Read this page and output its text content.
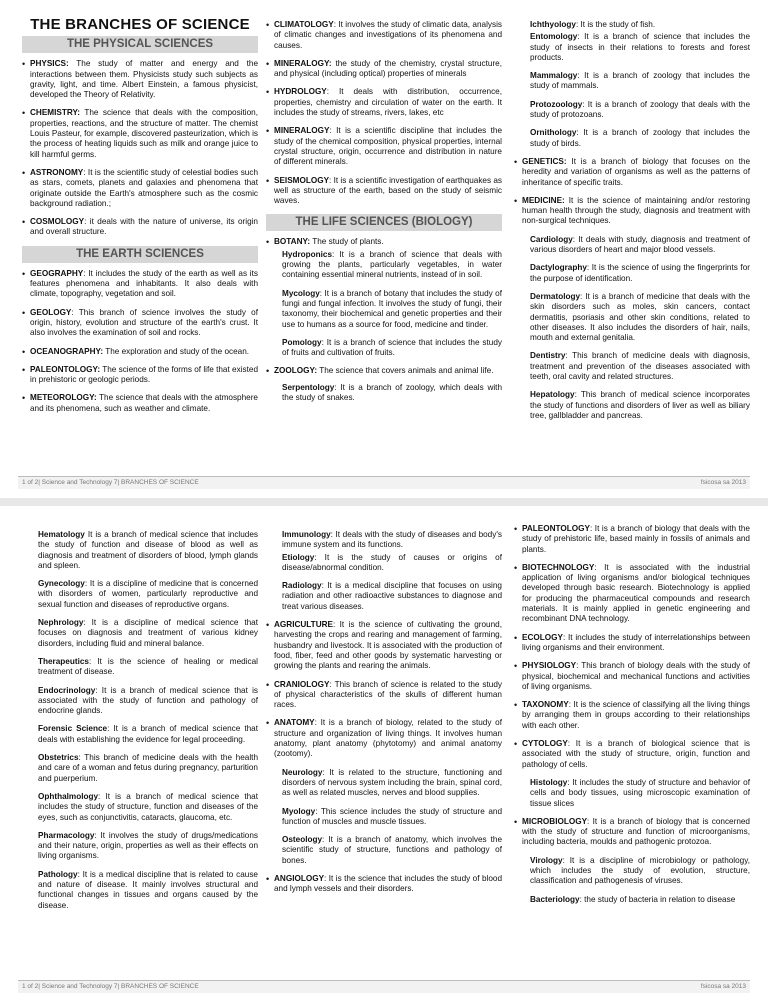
THE BRANCHES OF SCIENCE
THE PHYSICAL SCIENCES
• PHYSICS: The study of matter and energy and the interactions between them. Physicists study such subjects as gravity, light, and time. Albert Einstein, a famous physicist, developed the Theory of Relativity.
• CHEMISTRY: The science that deals with the composition, properties, reactions, and the structure of matter. The chemist Louis Pasteur, for example, discovered pasteurization, which is the process of heating liquids such as milk and orange juice to kill harmful germs.
• ASTRONOMY: It is the scientific study of celestial bodies such as stars, comets, planets and galaxies and phenomena that originate outside the Earth's atmosphere such as the cosmic background radiation.;
• COSMOLOGY: it deals with the nature of universe, its origin and overall structure.
THE EARTH SCIENCES
• GEOGRAPHY: It includes the study of the earth as well as its features phenomena and inhabitants. It also deals with climate, topography, vegetation and soil.
• GEOLOGY: This branch of science involves the study of origin, history, evolution and structure of the earth's crust. It also involves the examination of soil and rocks.
• OCEANOGRAPHY: The exploration and study of the ocean.
• PALEONTOLOGY: The science of the forms of life that existed in prehistoric or geologic periods.
• METEOROLOGY: The science that deals with the atmosphere and its phenomena, such as weather and climate.
• CLIMATOLOGY: It involves the study of climatic data, analysis of climatic changes and investigations of its phenomena and causes.
• MINERALOGY: the study of the chemistry, crystal structure, and physical (including optical) properties of minerals
• HYDROLOGY: It deals with distribution, occurrence, properties, chemistry and circulation of water on the earth. It includes the study of streams, rivers, lakes, etc
• MINERALOGY: It is a scientific discipline that includes the study of the chemical composition, physical properties, internal crystal structure, origin, occurrence and distribution in nature of different minerals.
• SEISMOLOGY: It is a scientific investigation of earthquakes as well as structure of the earth, based on the study of seismic waves.
THE LIFE SCIENCES (BIOLOGY)
• BOTANY: The study of plants.
Hydroponics: It is a branch of science that deals with growing the plants, particularly vegetables, in water containing essential mineral nutrients, instead of in soil.
Mycology: It is a branch of botany that includes the study of fungi and fungal infection. It involves the study of fungi, their taxonomy, their biochemical and genetic properties and their use to humans as a source for food, medicine and tinder.
Pomology: It is a branch of science that includes the study of fruits and cultivation of fruits.
• ZOOLOGY: The science that covers animals and animal life.
Serpentology: It is a branch of zoology, which deals with the study of snakes.
Ichthyology: It is the study of fish.
Entomology: It is a branch of science that includes the study of insects in their relations to forests and forest products.
Mammalogy: It is a branch of zoology that includes the study of mammals.
Protozoology: It is a branch of zoology that deals with the study of protozoans.
Ornithology: It is a branch of zoology that includes the study of birds.
• GENETICS: It is a branch of biology that focuses on the heredity and variation of organisms as well as the patterns of inheritance of specific traits.
• MEDICINE: It is the science of maintaining and/or restoring human health through the study, diagnosis and treatment with non-surgical techniques.
Cardiology: It deals with study, diagnosis and treatment of various disorders of heart and major blood vessels.
Dactylography: It is the science of using the fingerprints for the purpose of identification.
Dermatology: It is a branch of medicine that deals with the skin disorders such as moles, skin cancers, contact dermatitis, psoriasis and other skin conditions, related to other diseases. It also includes the disorders of hair, nails, mouth and external genitalia.
Dentistry: This branch of medicine deals with diagnosis, treatment and prevention of the diseases associated with teeth, oral cavity and related structures.
Hepatology: This branch of medical science incorporates the study of functions and disorders of liver as well as biliary tree, gallbladder and pancreas.
1 of 2| Science and Technology 7| BRANCHES OF SCIENCE	fsicosa sa 2013
Hematology It is a branch of medical science that includes the study of function and disease of blood as well as diagnosis and treatment of disorders of blood, lymph glands and spleen.
Gynecology: It is a discipline of medicine that is concerned with disorders of women, particularly reproductive and sexual function and diseases of reproductive organs.
Nephrology: It is a discipline of medical science that focuses on diagnosis and treatment of various kidney disorders, including fluid and mineral balance.
Therapeutics: It is the science of healing or medical treatment of disease.
Endocrinology: It is a branch of medical science that is associated with the study of function and pathology of endocrine glands.
Forensic Science: It is a branch of medical science that deals with establishing the evidence for legal proceeding.
Obstetrics: This branch of medicine deals with the health and care of a woman and fetus during pregnancy, parturition and puerperium.
Ophthalmology: It is a branch of medical science that includes the study of structure, function and diseases of the eyes, such as conjunctivitis, cataracts, glaucoma, etc.
Pharmacology: It involves the study of drugs/medications and their nature, origin, properties as well as their effects on living organisms.
Pathology: It is a medical discipline that is related to cause and nature of disease. It mainly involves structural and functional changes in tissues and organs caused by the disease.
Immunology: It deals with the study of diseases and body's immune system and its functions.
Etiology: It is the study of causes or origins of disease/abnormal condition.
Radiology: It is a medical discipline that focuses on using radiation and other radioactive substances to diagnose and treat various diseases.
• AGRICULTURE: It is the science of cultivating the ground, harvesting the crops and rearing and management of farming, husbandry and livestock. It is associated with the production of food, fiber, feed and other goods by systematic harvesting or growing the plants and rearing the animals.
• CRANIOLOGY: This branch of science is related to the study of physical characteristics of the skulls of different human races.
• ANATOMY: It is a branch of biology, related to the study of structure and organization of living things. It involves human anatomy, plant anatomy (phytotomy) and animal anatomy (zootomy).
Neurology: It is related to the structure, functioning and disorders of nervous system including the brain, spinal cord, as well as related muscles, nerves and blood supplies.
Myology: This science includes the study of structure and function of muscles and muscle tissues.
Osteology: It is a branch of anatomy, which involves the scientific study of structure, functions and pathology of bones.
• ANGIOLOGY: It is the science that includes the study of blood and lymph vessels and their disorders.
• PALEONTOLOGY: It is a branch of biology that deals with the study of prehistoric life, based mainly in fossils of animals and plants.
• BIOTECHNOLOGY: It is associated with the industrial application of living organisms and/or biological techniques developed through basic research. Biotechnology is applied for producing the pharmaceutical compounds and research materials. It is mainly applied in genetic engineering and recombinant DNA technology.
• ECOLOGY: It includes the study of interrelationships between living organisms and their environment.
• PHYSIOLOGY: This branch of biology deals with the study of physical, biochemical and mechanical functions and activities of living organisms.
• TAXONOMY: It is the science of classifying all the living things by arranging them in groups according to their relationships with each other.
• CYTOLOGY: It is a branch of biological science that is associated with the study of structure, origin, function and pathology of cells.
Histology: It includes the study of structure and behavior of cells and body tissues, using microscopic examination of tissue slices
• MICROBIOLOGY: It is a branch of biology that is concerned with the study of structure and function of microorganisms, including bacteria, moulds and pathogenic protozoa.
Virology: It is a discipline of microbiology or pathology, which includes the study of evolution, structure, classification and pathogenesis of viruses.
Bacteriology: the study of bacteria in relation to disease
1 of 2| Science and Technology 7| BRANCHES OF SCIENCE	fsicosa sa 2013
